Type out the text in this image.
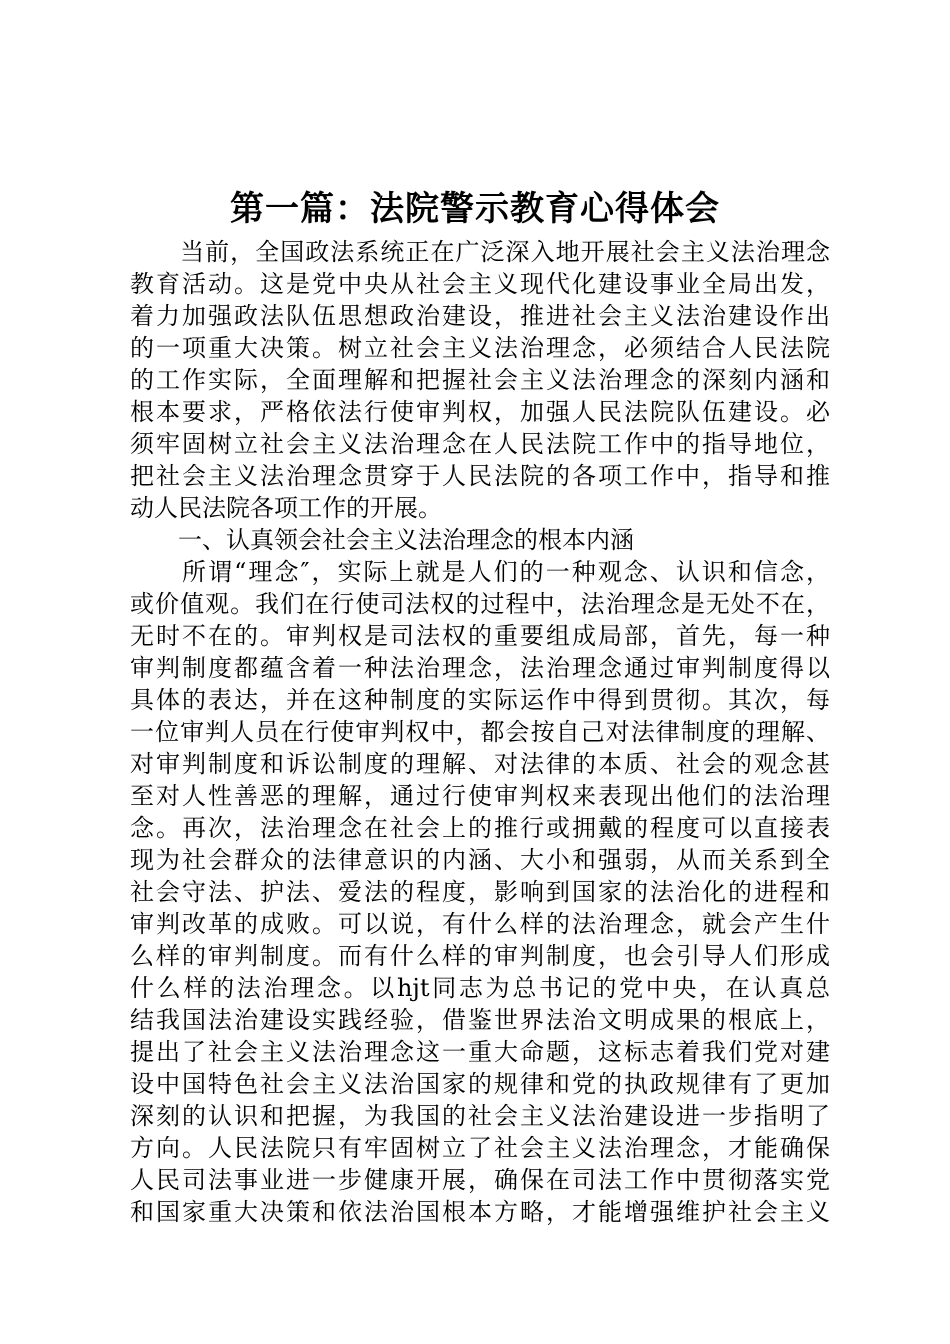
第一篇：法院警示教育心得体会
　　当前，全国政法系统正在广泛深入地开展社会主义法治理念
教育活动。这是党中央从社会主义现代化建设事业全局出发，
着力加强政法队伍思想政治建设，推进社会主义法治建设作出
的一项重大决策。树立社会主义法治理念，必须结合人民法院
的工作实际，全面理解和把握社会主义法治理念的深刻内涵和
根本要求，严格依法行使审判权，加强人民法院队伍建设。必
须牢固树立社会主义法治理念在人民法院工作中的指导地位，
把社会主义法治理念贯穿于人民法院的各项工作中，指导和推
动人民法院各项工作的开展。
　　一、认真领会社会主义法治理念的根本内涵
　　所谓“理念″，实际上就是人们的一种观念、认识和信念，
或价值观。我们在行使司法权的过程中，法治理念是无处不在，
无时不在的。审判权是司法权的重要组成局部，首先，每一种
审判制度都蕴含着一种法治理念，法治理念通过审判制度得以
具体的表达，并在这种制度的实际运作中得到贯彻。其次，每
一位审判人员在行使审判权中，都会按自己对法律制度的理解、
对审判制度和诉讼制度的理解、对法律的本质、社会的观念甚
至对人性善恶的理解，通过行使审判权来表现出他们的法治理
念。再次，法治理念在社会上的推行或拥戴的程度可以直接表
现为社会群众的法律意识的内涵、大小和强弱，从而关系到全
社会守法、护法、爱法的程度，影响到国家的法治化的进程和
审判改革的成败。可以说，有什么样的法治理念，就会产生什
么样的审判制度。而有什么样的审判制度，也会引导人们形成
什么样的法治理念。以hjt同志为总书记的党中央，在认真总
结我国法治建设实践经验，借鉴世界法治文明成果的根底上，
提出了社会主义法治理念这一重大命题，这标志着我们党对建
设中国特色社会主义法治国家的规律和党的执政规律有了更加
深刻的认识和把握，为我国的社会主义法治建设进一步指明了
方向。人民法院只有牢固树立了社会主义法治理念，才能确保
人民司法事业进一步健康开展，确保在司法工作中贯彻落实党
和国家重大决策和依法治国根本方略，才能增强维护社会主义
